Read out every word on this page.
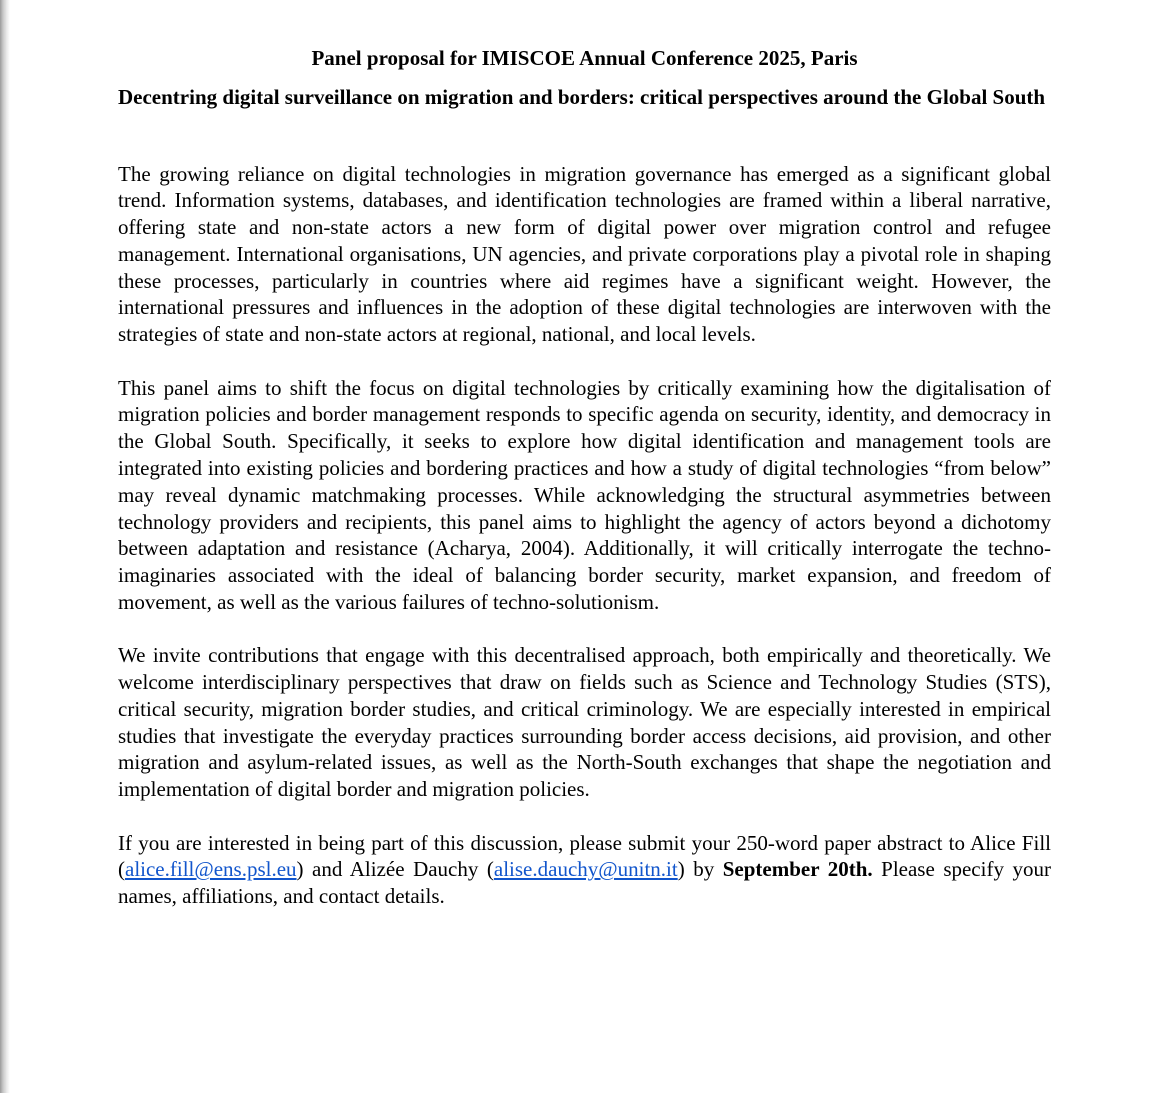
Panel proposal for IMISCOE Annual Conference 2025, Paris
Decentring digital surveillance on migration and borders: critical perspectives around the Global South

The growing reliance on digital technologies in migration governance has emerged as a significant global trend. Information systems, databases, and identification technologies are framed within a liberal narrative, offering state and non-state actors a new form of digital power over migration control and refugee management. International organisations, UN agencies, and private corporations play a pivotal role in shaping these processes, particularly in countries where aid regimes have a significant weight. However, the international pressures and influences in the adoption of these digital technologies are interwoven with the strategies of state and non-state actors at regional, national, and local levels.

This panel aims to shift the focus on digital technologies by critically examining how the digitalisation of migration policies and border management responds to specific agenda on security, identity, and democracy in the Global South. Specifically, it seeks to explore how digital identification and management tools are integrated into existing policies and bordering practices and how a study of digital technologies “from below” may reveal dynamic matchmaking processes. While acknowledging the structural asymmetries between technology providers and recipients, this panel aims to highlight the agency of actors beyond a dichotomy between adaptation and resistance (Acharya, 2004). Additionally, it will critically interrogate the techno-imaginaries associated with the ideal of balancing border security, market expansion, and freedom of movement, as well as the various failures of techno-solutionism.

We invite contributions that engage with this decentralised approach, both empirically and theoretically. We welcome interdisciplinary perspectives that draw on fields such as Science and Technology Studies (STS), critical security, migration border studies, and critical criminology. We are especially interested in empirical studies that investigate the everyday practices surrounding border access decisions, aid provision, and other migration and asylum-related issues, as well as the North-South exchanges that shape the negotiation and implementation of digital border and migration policies.

If you are interested in being part of this discussion, please submit your 250-word paper abstract to Alice Fill (alice.fill@ens.psl.eu) and Alizée Dauchy (alise.dauchy@unitn.it) by September 20th. Please specify your names, affiliations, and contact details.
